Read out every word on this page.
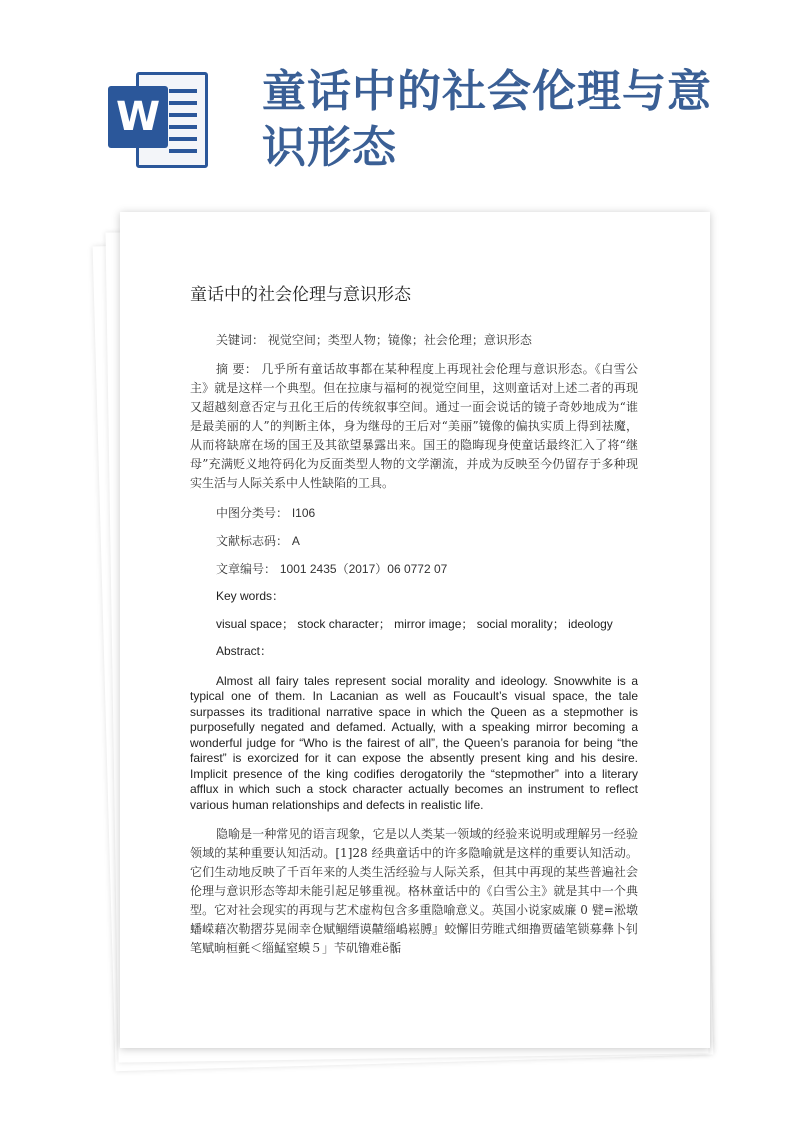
W 童话中的社会伦理与意识形态
童话中的社会伦理与意识形态

关键词： 视觉空间；类型人物；镜像；社会伦理；意识形态

摘 要： 几乎所有童话故事都在某种程度上再现社会伦理与意识形态。《白雪公主》就是这样一个典型。但在拉康与福柯的视觉空间里，这则童话对上述二者的再现又超越刻意否定与丑化王后的传统叙事空间。通过一面会说话的镜子奇妙地成为“谁是最美丽的人”的判断主体，身为继母的王后对“美丽”镜像的偏执实质上得到祛魔，从而将缺席在场的国王及其欲望暴露出来。国王的隐晦现身使童话最终汇入了将“继母”充满贬义地符码化为反面类型人物的文学潮流，并成为反映至今仍留存于多种现实生活与人际关系中人性缺陷的工具。

中图分类号： I106
文献标志码： A
文章编号： 1001 2435（2017）06 0772 07

Key words：

visual space； stock character； mirror image； social morality； ideology

Abstract：

Almost all fairy tales represent social morality and ideology. Snowwhite is a typical one of them. In Lacanian as well as Foucault’s visual space, the tale surpasses its traditional narrative space in which the Queen as a stepmother is purposefully negated and defamed. Actually, with a speaking mirror becoming a wonderful judge for “Who is the fairest of all”, the Queen’s paranoia for being “the fairest” is exorcized for it can expose the absently present king and his desire. Implicit presence of the king codifies derogatorily the “stepmother” into a literary afflux in which such a stock character actually becomes an instrument to reflect various human relationships and defects in realistic life.

隐喻是一种常见的语言现象，它是以人类某一领域的经验来说明或理解另一经验领域的某种重要认知活动。[1]28 经典童话中的许多隐喻就是这样的重要认知活动。它们生动地反映了千百年来的人类生活经验与人际关系，但其中再现的某些普遍社会伦理与意识形态等却未能引起足够重视。格林童话中的《白雪公主》就是其中一个典型。它对社会现实的再现与艺术虚构包含多重隐喻意义。英国小说家威廉 0 甓=淞墩蟠嵘藉次勒摺芬晃闹幸仓赋鲴缙谟齄缁嶋崧膊』蛟懈旧劳睢式细撸贾磕笔锁募彝卜钊笔赋晌桓氃＜缁鯭窒蟆５」芐矶镥难ё骺
